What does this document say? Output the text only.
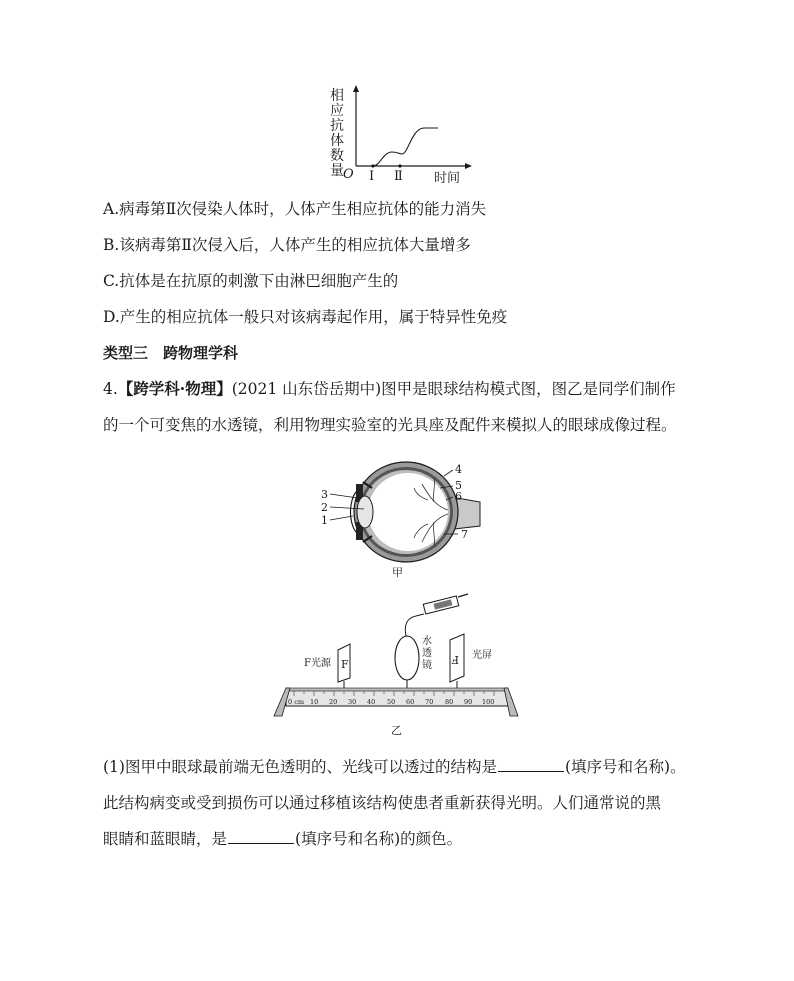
相
应
抗
体
数
量 O Ⅰ Ⅱ 时间
A.病毒第Ⅱ次侵染人体时，人体产生相应抗体的能力消失
B.该病毒第Ⅱ次侵入后，人体产生的相应抗体大量增多
C.抗体是在抗原的刺激下由淋巴细胞产生的
D.产生的相应抗体一般只对该病毒起作用，属于特异性免疫
类型三　跨物理学科
4.【跨学科·物理】(2021 山东岱岳期中)图甲是眼球结构模式图，图乙是同学们制作
的一个可变焦的水透镜，利用物理实验室的光具座及配件来模拟人的眼球成像过程。
3
2
1
4
5
6
7
甲
水
透
镜
F光源 F	F 光屏
0 cm 10 20 30 40 50 60 70 80 90 100
乙
(1)图甲中眼球最前端无色透明的、光线可以透过的结构是	(填序号和名称)。
此结构病变或受到损伤可以通过移植该结构使患者重新获得光明。人们通常说的黑
眼睛和蓝眼睛，是	(填序号和名称)的颜色。
